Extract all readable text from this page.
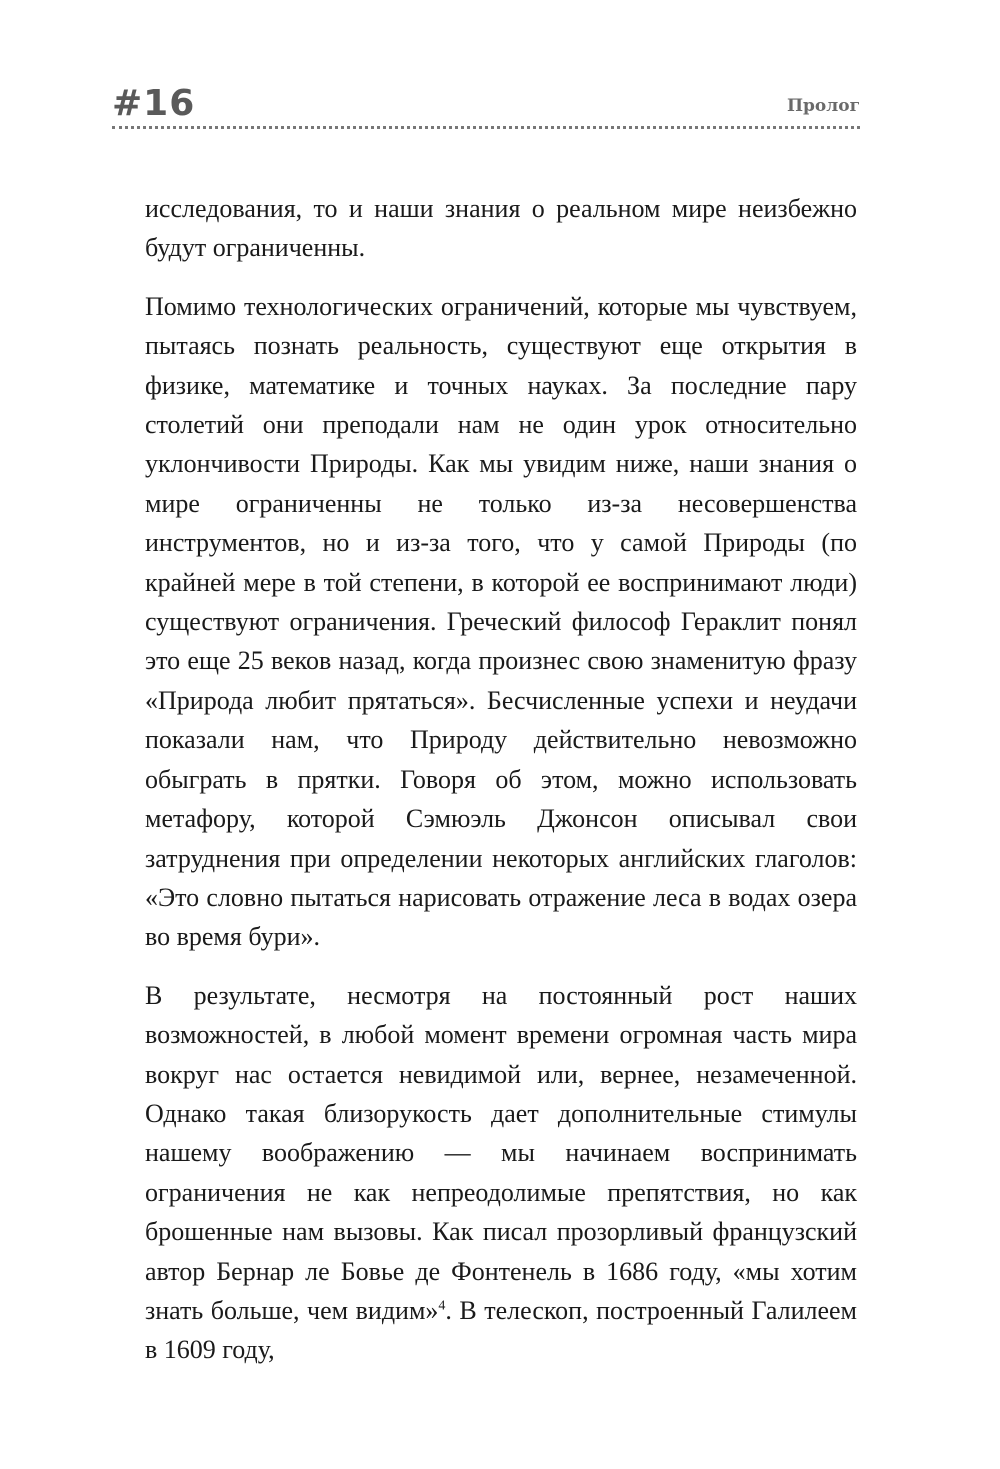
#16	Пролог

исследования, то и наши знания о реальном мире неизбежно будут ограниченны.

Помимо технологических ограничений, которые мы чувствуем, пытаясь познать реальность, существуют еще открытия в физике, математике и точных науках. За последние пару столетий они преподали нам не один урок относительно уклончивости Природы. Как мы увидим ниже, наши знания о мире ограниченны не только из-за несовершенства инструментов, но и из-за того, что у самой Природы (по крайней мере в той степени, в которой ее воспринимают люди) существуют ограничения. Греческий философ Гераклит понял это еще 25 веков назад, когда произнес свою знаменитую фразу «Природа любит прятаться». Бесчисленные успехи и неудачи показали нам, что Природу действительно невозможно обыграть в прятки. Говоря об этом, можно использовать метафору, которой Сэмюэль Джонсон описывал свои затруднения при определении некоторых английских глаголов: «Это словно пытаться нарисовать отражение леса в водах озера во время бури».

В результате, несмотря на постоянный рост наших возможностей, в любой момент времени огромная часть мира вокруг нас остается невидимой или, вернее, незамеченной. Однако такая близорукость дает дополнительные стимулы нашему воображению — мы начинаем воспринимать ограничения не как непреодолимые препятствия, но как брошенные нам вызовы. Как писал прозорливый французский автор Бернар ле Бовье де Фонтенель в 1686 году, «мы хотим знать больше, чем видим»$^4$. В телескоп, построенный Галилеем в 1609 году,
